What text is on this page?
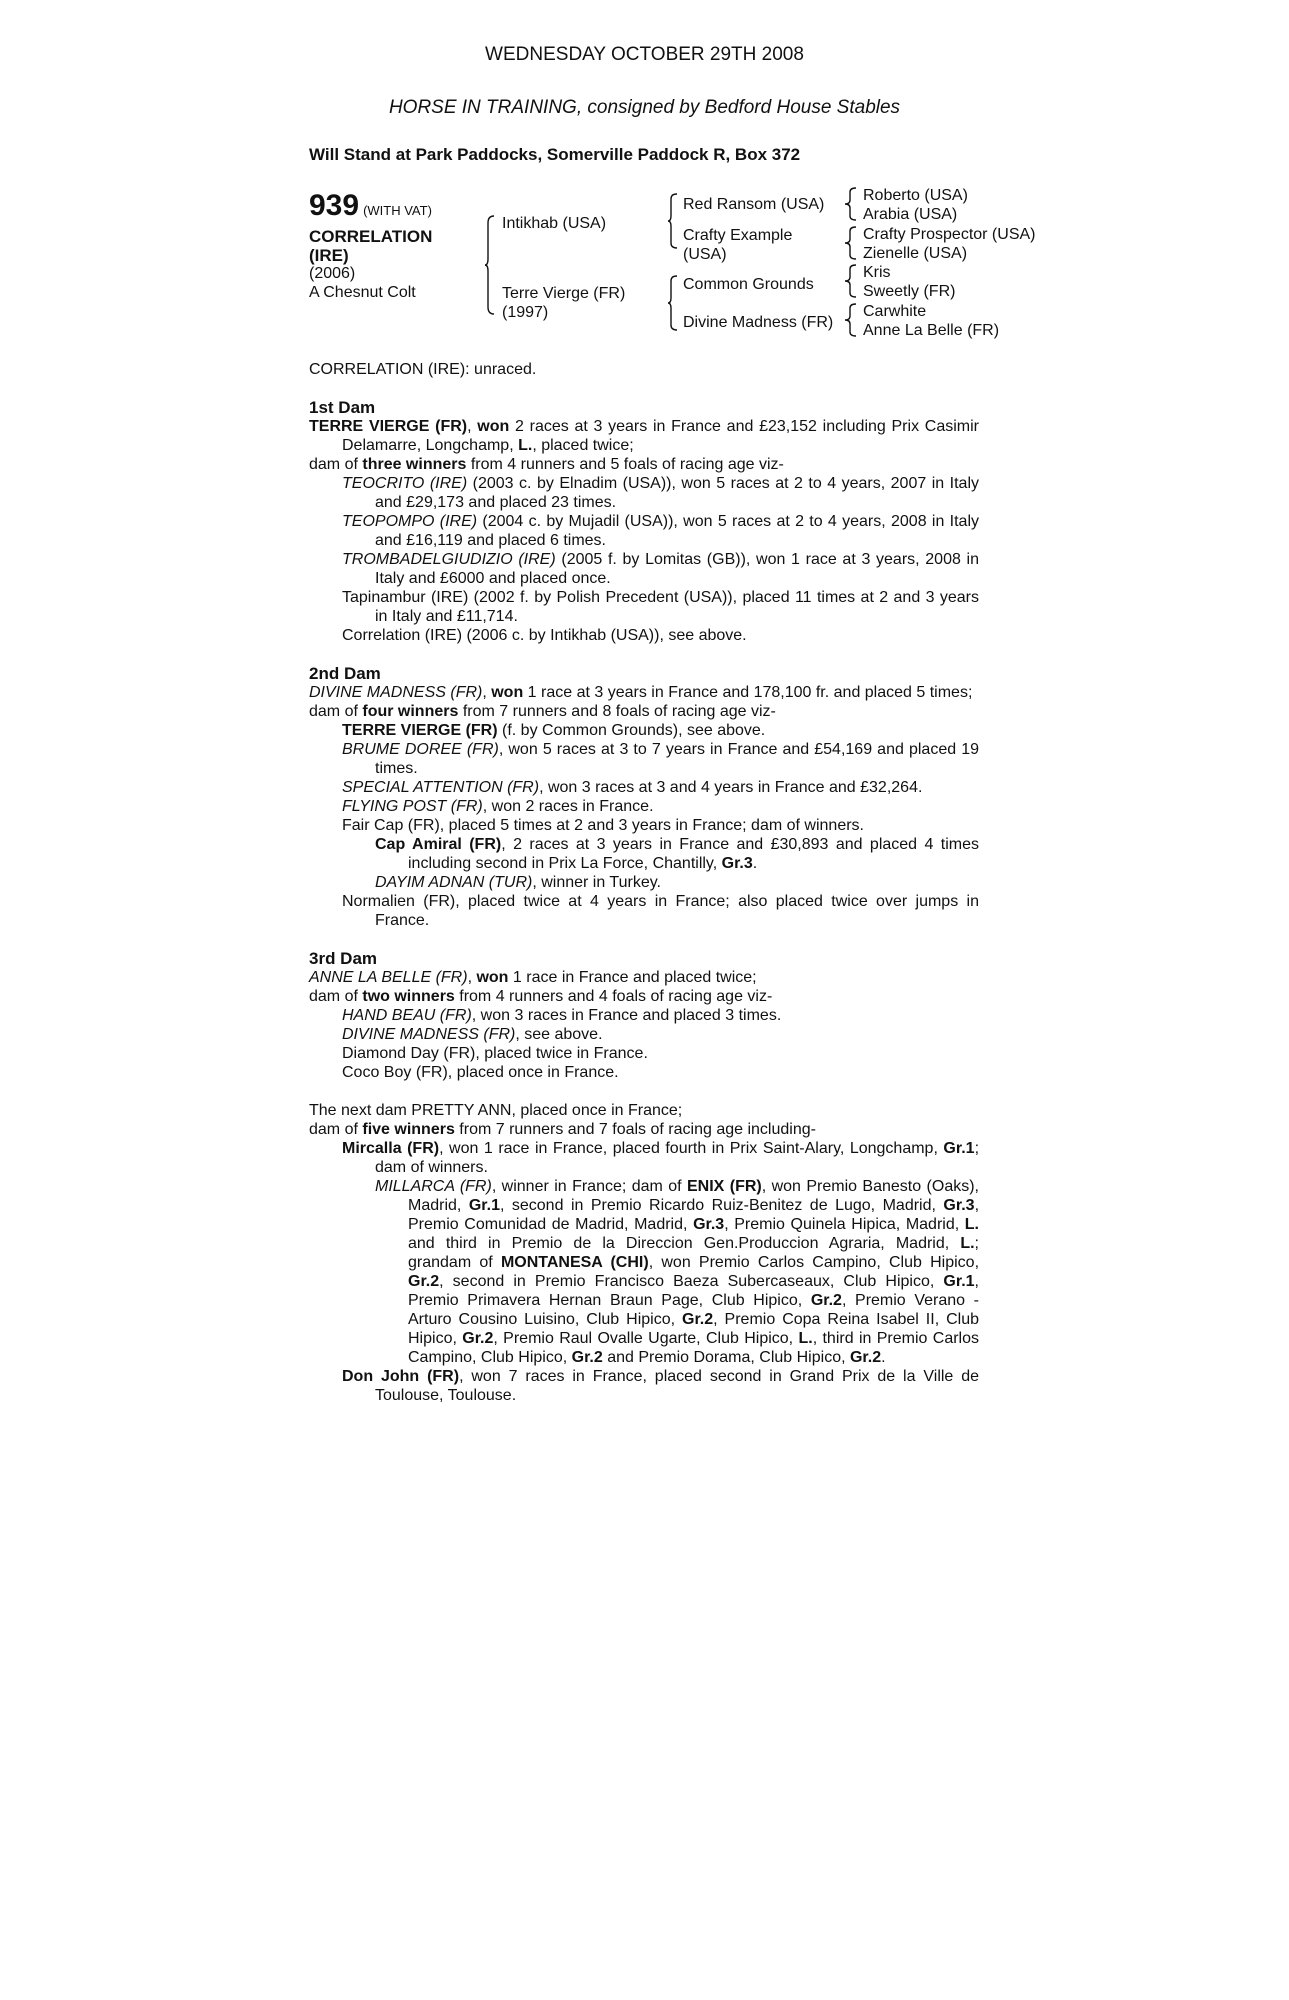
WEDNESDAY OCTOBER 29TH 2008
HORSE IN TRAINING, consigned by Bedford House Stables
Will Stand at Park Paddocks, Somerville Paddock R, Box 372
939 (WITH VAT)
CORRELATION (IRE)
(2006)
A Chesnut Colt
Intikhab (USA)
Terre Vierge (FR)
(1997)
Red Ransom (USA)
Crafty Example
(USA)
Common Grounds
Divine Madness (FR)
Roberto (USA)
Arabia (USA)
Crafty Prospector (USA)
Zienelle (USA)
Kris
Sweetly (FR)
Carwhite
Anne La Belle (FR)

CORRELATION (IRE): unraced.

1st Dam

TERRE VIERGE (FR), won 2 races at 3 years in France and £23,152 including Prix Casimir Delamarre, Longchamp, L., placed twice;

dam of three winners from 4 runners and 5 foals of racing age viz-

TEOCRITO (IRE) (2003 c. by Elnadim (USA)), won 5 races at 2 to 4 years, 2007 in Italy and £29,173 and placed 23 times.

TEOPOMPO (IRE) (2004 c. by Mujadil (USA)), won 5 races at 2 to 4 years, 2008 in Italy and £16,119 and placed 6 times.

TROMBADELGIUDIZIO (IRE) (2005 f. by Lomitas (GB)), won 1 race at 3 years, 2008 in Italy and £6000 and placed once.

Tapinambur (IRE) (2002 f. by Polish Precedent (USA)), placed 11 times at 2 and 3 years in Italy and £11,714.

Correlation (IRE) (2006 c. by Intikhab (USA)), see above.

2nd Dam

DIVINE MADNESS (FR), won 1 race at 3 years in France and 178,100 fr. and placed 5 times;

dam of four winners from 7 runners and 8 foals of racing age viz-

TERRE VIERGE (FR) (f. by Common Grounds), see above.

BRUME DOREE (FR), won 5 races at 3 to 7 years in France and £54,169 and placed 19 times.

SPECIAL ATTENTION (FR), won 3 races at 3 and 4 years in France and £32,264.

FLYING POST (FR), won 2 races in France.

Fair Cap (FR), placed 5 times at 2 and 3 years in France; dam of winners.

Cap Amiral (FR), 2 races at 3 years in France and £30,893 and placed 4 times including second in Prix La Force, Chantilly, Gr.3.

DAYIM ADNAN (TUR), winner in Turkey.

Normalien (FR), placed twice at 4 years in France; also placed twice over jumps in France.

3rd Dam

ANNE LA BELLE (FR), won 1 race in France and placed twice;

dam of two winners from 4 runners and 4 foals of racing age viz-

HAND BEAU (FR), won 3 races in France and placed 3 times.

DIVINE MADNESS (FR), see above.

Diamond Day (FR), placed twice in France.

Coco Boy (FR), placed once in France.

The next dam PRETTY ANN, placed once in France;

dam of five winners from 7 runners and 7 foals of racing age including-

Mircalla (FR), won 1 race in France, placed fourth in Prix Saint-Alary, Longchamp, Gr.1; dam of winners.

MILLARCA (FR), winner in France; dam of ENIX (FR), won Premio Banesto (Oaks), Madrid, Gr.1, second in Premio Ricardo Ruiz-Benitez de Lugo, Madrid, Gr.3, Premio Comunidad de Madrid, Madrid, Gr.3, Premio Quinela Hipica, Madrid, L. and third in Premio de la Direccion Gen.Produccion Agraria, Madrid, L.; grandam of MONTANESA (CHI), won Premio Carlos Campino, Club Hipico, Gr.2, second in Premio Francisco Baeza Subercaseaux, Club Hipico, Gr.1, Premio Primavera Hernan Braun Page, Club Hipico, Gr.2, Premio Verano - Arturo Cousino Luisino, Club Hipico, Gr.2, Premio Copa Reina Isabel II, Club Hipico, Gr.2, Premio Raul Ovalle Ugarte, Club Hipico, L., third in Premio Carlos Campino, Club Hipico, Gr.2 and Premio Dorama, Club Hipico, Gr.2.

Don John (FR), won 7 races in France, placed second in Grand Prix de la Ville de Toulouse, Toulouse.
